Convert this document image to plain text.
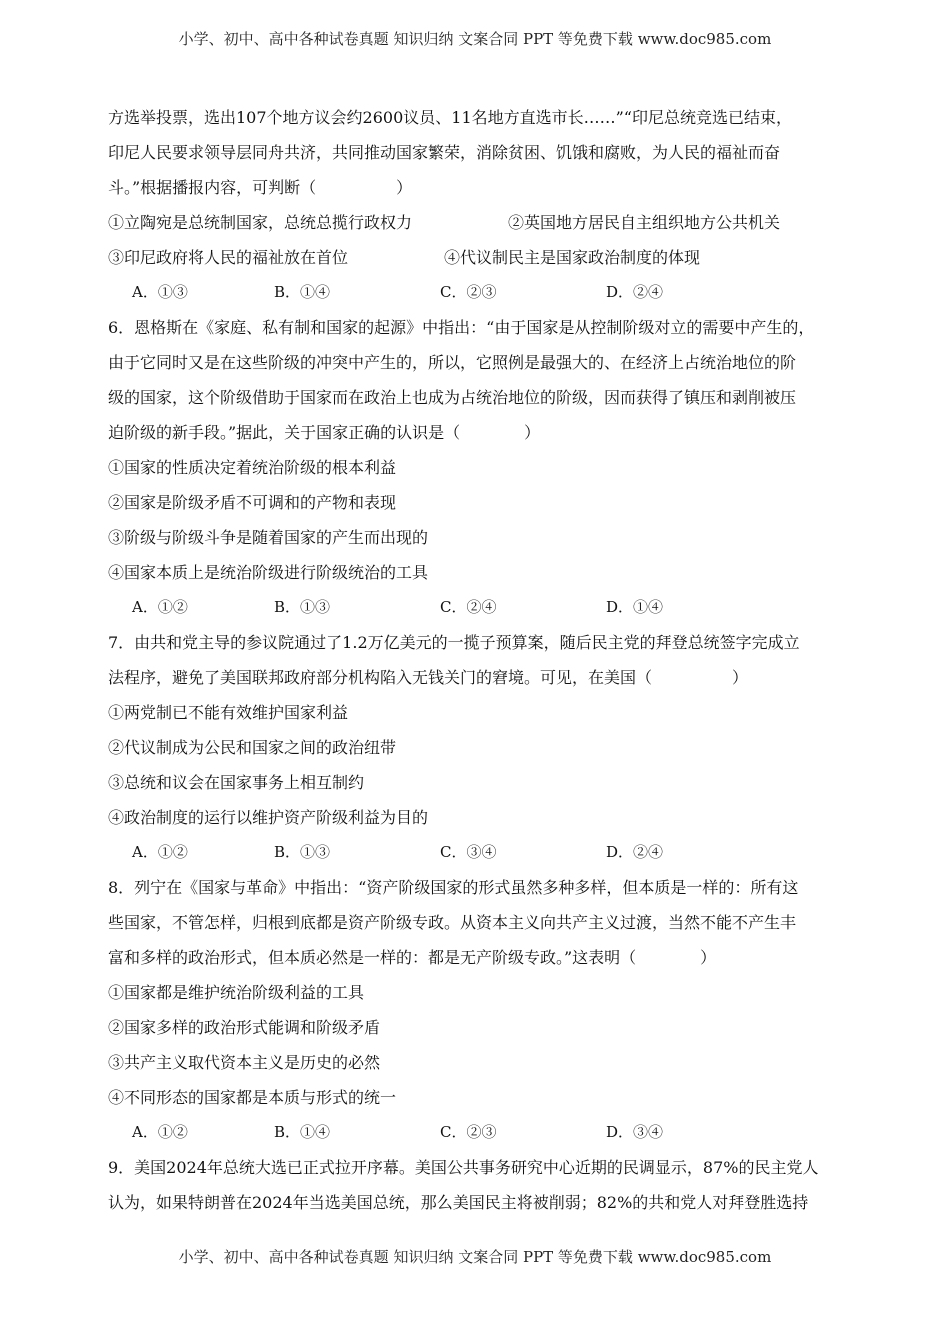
小学、初中、高中各种试卷真题 知识归纳 文案合同 PPT 等免费下载 www.doc985.com
方选举投票，选出107个地方议会约2600议员、11名地方直选市长……”“印尼总统竞选已结束，
印尼人民要求领导层同舟共济，共同推动国家繁荣，消除贫困、饥饿和腐败，为人民的福祉而奋
斗。”根据播报内容，可判断（　　　　　）
①立陶宛是总统制国家，总统总揽行政权力　　　　　　②英国地方居民自主组织地方公共机关
③印尼政府将人民的福祉放在首位　　　　　　④代议制民主是国家政治制度的体现
A．①③	B．①④	C．②③	D．②④
6．恩格斯在《家庭、私有制和国家的起源》中指出：“由于国家是从控制阶级对立的需要中产生的，
由于它同时又是在这些阶级的冲突中产生的，所以，它照例是最强大的、在经济上占统治地位的阶
级的国家，这个阶级借助于国家而在政治上也成为占统治地位的阶级，因而获得了镇压和剥削被压
迫阶级的新手段。”据此，关于国家正确的认识是（　　　　）
①国家的性质决定着统治阶级的根本利益
②国家是阶级矛盾不可调和的产物和表现
③阶级与阶级斗争是随着国家的产生而出现的
④国家本质上是统治阶级进行阶级统治的工具
A．①②	B．①③	C．②④	D．①④
7．由共和党主导的参议院通过了1.2万亿美元的一揽子预算案，随后民主党的拜登总统签字完成立
法程序，避免了美国联邦政府部分机构陷入无钱关门的窘境。可见，在美国（　　　　　）
①两党制已不能有效维护国家利益
②代议制成为公民和国家之间的政治纽带
③总统和议会在国家事务上相互制约
④政治制度的运行以维护资产阶级利益为目的
A．①②	B．①③	C．③④	D．②④
8．列宁在《国家与革命》中指出：“资产阶级国家的形式虽然多种多样，但本质是一样的：所有这
些国家，不管怎样，归根到底都是资产阶级专政。从资本主义向共产主义过渡，当然不能不产生丰
富和多样的政治形式，但本质必然是一样的：都是无产阶级专政。”这表明（　　　　）
①国家都是维护统治阶级利益的工具
②国家多样的政治形式能调和阶级矛盾
③共产主义取代资本主义是历史的必然
④不同形态的国家都是本质与形式的统一
A．①②	B．①④	C．②③	D．③④
9．美国2024年总统大选已正式拉开序幕。美国公共事务研究中心近期的民调显示，87%的民主党人
认为，如果特朗普在2024年当选美国总统，那么美国民主将被削弱；82%的共和党人对拜登胜选持
小学、初中、高中各种试卷真题 知识归纳 文案合同 PPT 等免费下载 www.doc985.com
